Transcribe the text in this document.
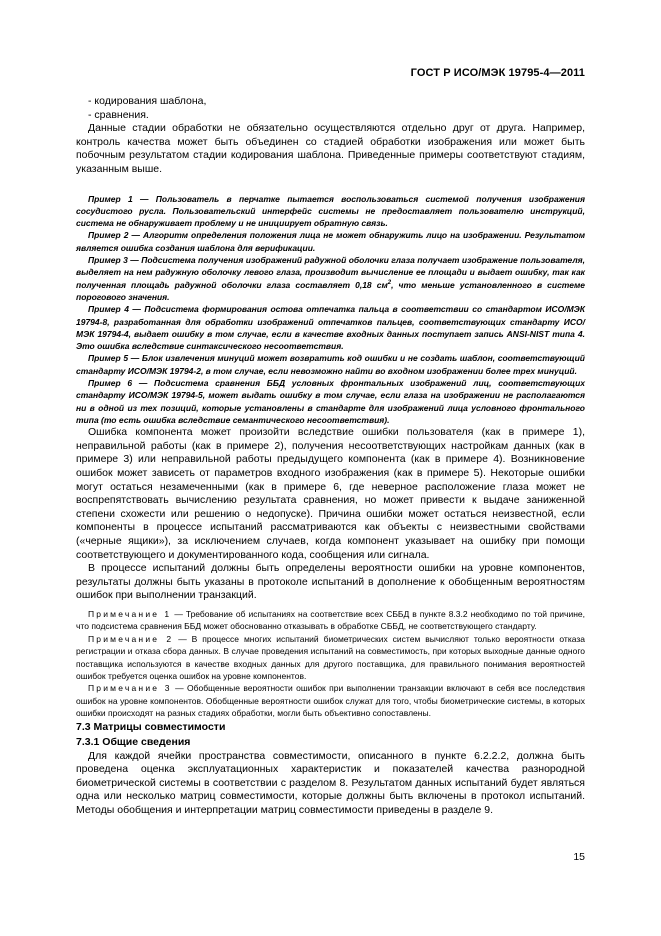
ГОСТ Р ИСО/МЭК 19795-4—2011

- кодирования шаблона,

- сравнения.

Данные стадии обработки не обязательно осуществляются отдельно друг от друга. Например, контроль качества может быть объединен со стадией обработки изображения или может быть побочным результатом стадии кодирования шаблона. Приведенные примеры соответствуют стадиям, указанным выше.

Пример 1 — Пользователь в перчатке пытается воспользоваться системой получения изображения сосудистого русла. Пользовательский интерфейс системы не предоставляет пользователю инструкций, система не обнаруживает проблему и не инициирует обратную связь.

Пример 2 — Алгоритм определения положения лица не может обнаружить лицо на изображении. Результатом является ошибка создания шаблона для верификации.

Пример 3 — Подсистема получения изображений радужной оболочки глаза получает изображение пользователя, выделяет на нем радужную оболочку левого глаза, производит вычисление ее площади и выдает ошибку, так как полученная площадь радужной оболочки глаза составляет 0,18 $см^2$, что меньше установленного в системе порогового значения.

Пример 4 — Подсистема формирования остова отпечатка пальца в соответствии со стандартом ИСО/МЭК 19794-8, разработанная для обработки изображений отпечатков пальцев, соответствующих стандарту ИСО/МЭК 19794-4, выдает ошибку в том случае, если в качестве входных данных поступает запись ANSI-NIST типа 4. Это ошибка вследствие синтаксического несоответствия.

Пример 5 — Блок извлечения минуций может возвратить код ошибки и не создать шаблон, соответствующий стандарту ИСО/МЭК 19794-2, в том случае, если невозможно найти во входном изображении более трех минуций.

Пример 6 — Подсистема сравнения ББД условных фронтальных изображений лиц, соответствующих стандарту ИСО/МЭК 19794-5, может выдать ошибку в том случае, если глаза на изображении не располагаются ни в одной из тех позиций, которые установлены в стандарте для изображений лица условного фронтального типа (то есть ошибка вследствие семантического несоответствия).

Ошибка компонента может произойти вследствие ошибки пользователя (как в примере 1), неправильной работы (как в примере 2), получения несоответствующих настройкам данных (как в примере 3) или неправильной работы предыдущего компонента (как в примере 4). Возникновение ошибок может зависеть от параметров входного изображения (как в примере 5). Некоторые ошибки могут остаться незамеченными (как в примере 6, где неверное расположение глаза может не воспрепятствовать вычислению результата сравнения, но может привести к выдаче заниженной степени схожести или решению о недопуске). Причина ошибки может остаться неизвестной, если компоненты в процессе испытаний рассматриваются как объекты с неизвестными свойствами («черные ящики»), за исключением случаев, когда компонент указывает на ошибку при помощи соответствующего и документированного кода, сообщения или сигнала.

В процессе испытаний должны быть определены вероятности ошибки на уровне компонентов, результаты должны быть указаны в протоколе испытаний в дополнение к обобщенным вероятностям ошибок при выполнении транзакций.

Примечание 1 — Требование об испытаниях на соответствие всех СББД в пункте 8.3.2 необходимо по той причине, что подсистема сравнения ББД может обоснованно отказывать в обработке СББД, не соответствующего стандарту.

Примечание 2 — В процессе многих испытаний биометрических систем вычисляют только вероятности отказа регистрации и отказа сбора данных. В случае проведения испытаний на совместимость, при которых выходные данные одного поставщика используются в качестве входных данных для другого поставщика, для правильного понимания вероятностей ошибок требуется оценка ошибок на уровне компонентов.

Примечание 3 — Обобщенные вероятности ошибок при выполнении транзакции включают в себя все последствия ошибок на уровне компонентов. Обобщенные вероятности ошибок служат для того, чтобы биометрические системы, в которых ошибки происходят на разных стадиях обработки, могли быть объективно сопоставлены.

7.3 Матрицы совместимости

7.3.1 Общие сведения

Для каждой ячейки пространства совместимости, описанного в пункте 6.2.2.2, должна быть проведена оценка эксплуатационных характеристик и показателей качества разнородной биометрической системы в соответствии с разделом 8. Результатом данных испытаний будет являться одна или несколько матриц совместимости, которые должны быть включены в протокол испытаний. Методы обобщения и интерпретации матриц совместимости приведены в разделе 9.

15
